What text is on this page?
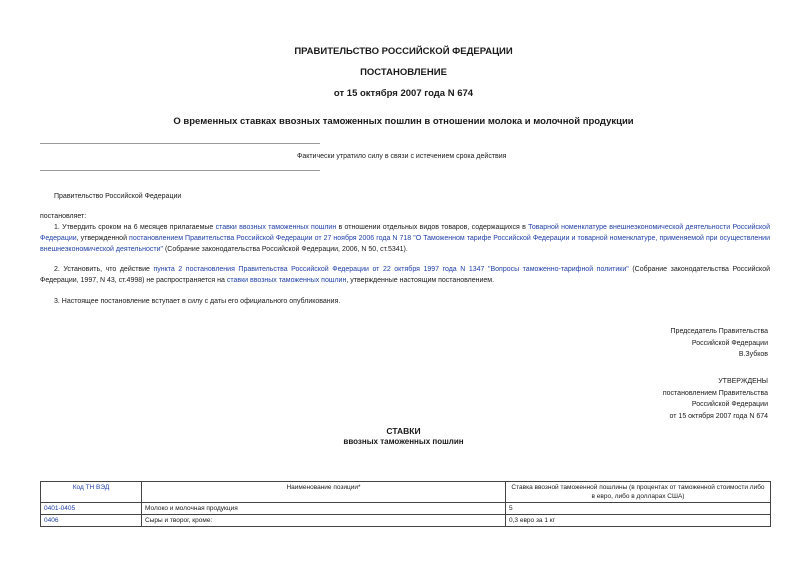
ПРАВИТЕЛЬСТВО РОССИЙСКОЙ ФЕДЕРАЦИИ
ПОСТАНОВЛЕНИЕ
от 15 октября 2007 года N 674
О временных ставках ввозных таможенных пошлин в отношении молока и молочной продукции
Фактически утратило силу в связи с истечением срока действия
Правительство Российской Федерации
постановляет:
1. Утвердить сроком на 6 месяцев прилагаемые ставки ввозных таможенных пошлин в отношении отдельных видов товаров, содержащихся в Товарной номенклатуре внешнеэкономической деятельности Российской Федерации, утвержденной постановлением Правительства Российской Федерации от 27 ноября 2006 года N 718 "О Таможенном тарифе Российской Федерации и товарной номенклатуре, применяемой при осуществлении внешнеэкономической деятельности" (Собрание законодательства Российской Федерации, 2006, N 50, ст.5341).
2. Установить, что действие пункта 2 постановления Правительства Российской Федерации от 22 октября 1997 года N 1347 "Вопросы таможенно-тарифной политики" (Собрание законодательства Российской Федерации, 1997, N 43, ст.4998) не распространяется на ставки ввозных таможенных пошлин, утвержденные настоящим постановлением.
3. Настоящее постановление вступает в силу с даты его официального опубликования.
Председатель Правительства
Российской Федерации
В.Зубков
УТВЕРЖДЕНЫ
постановлением Правительства
Российской Федерации
от 15 октября 2007 года N 674
СТАВКИ
ввозных таможенных пошлин
Код ТН ВЭД	Наименование позиции*	Ставка ввозной таможенной пошлины (в процентах от таможенной стоимости либо в евро, либо в долларах США)
0401-0405	Молоко и молочная продукция	5
0406	Сыры и творог, кроме:	0,3 евро за 1 кг
